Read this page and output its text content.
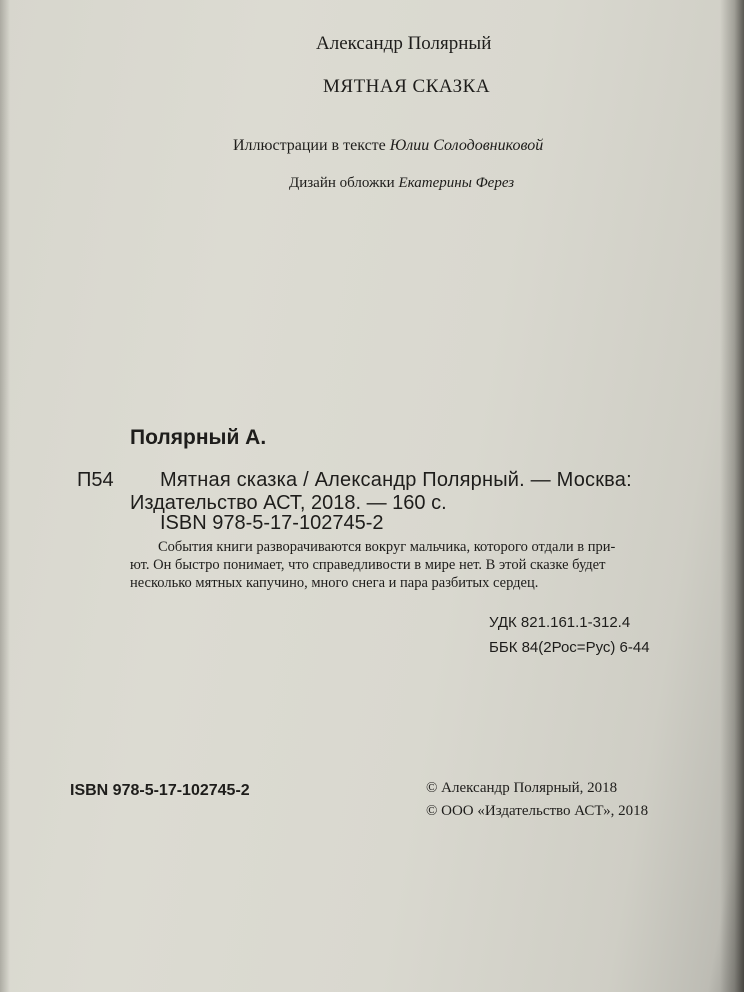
Александр Полярный

МЯТНАЯ СКАЗКА

Иллюстрации в тексте Юлии Солодовниковой

Дизайн обложки Екатерины Ферез

Полярный А.

П54 Мятная сказка / Александр Полярный. — Москва:

Издательство АСТ, 2018. — 160 с.

ISBN 978-5-17-102745-2

События книги разворачиваются вокруг мальчика, которого отдали в при-
ют. Он быстро понимает, что справедливости в мире нет. В этой сказке будет
несколько мятных капучино, много снега и пара разбитых сердец.

УДК 821.161.1-312.4

ББК 84(2Рос=Рус) 6-44

ISBN 978-5-17-102745-2	© Александр Полярный, 2018

© ООО «Издательство АСТ», 2018
